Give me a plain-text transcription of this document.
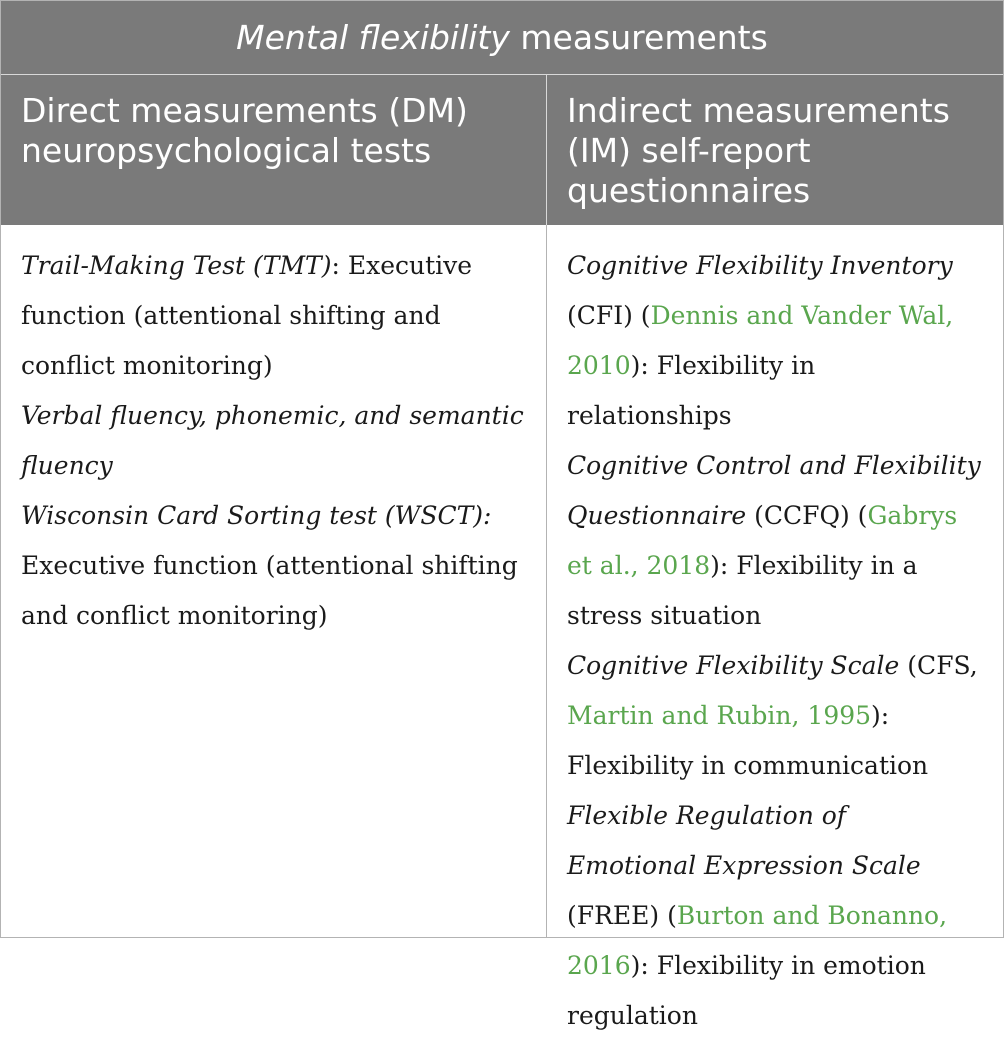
Mental flexibility measurements
Direct measurements (DM) neuropsychological tests
Indirect measurements (IM) self-report questionnaires
Trail-Making Test (TMT): Executive function (attentional shifting and conflict monitoring)
Verbal fluency, phonemic, and semantic fluency
Wisconsin Card Sorting test (WSCT): Executive function (attentional shifting and conflict monitoring)
Cognitive Flexibility Inventory (CFI) (Dennis and Vander Wal, 2010): Flexibility in relationships
Cognitive Control and Flexibility Questionnaire (CCFQ) (Gabrys et al., 2018): Flexibility in a stress situation
Cognitive Flexibility Scale (CFS, Martin and Rubin, 1995): Flexibility in communication
Flexible Regulation of Emotional Expression Scale (FREE) (Burton and Bonanno, 2016): Flexibility in emotion regulation
